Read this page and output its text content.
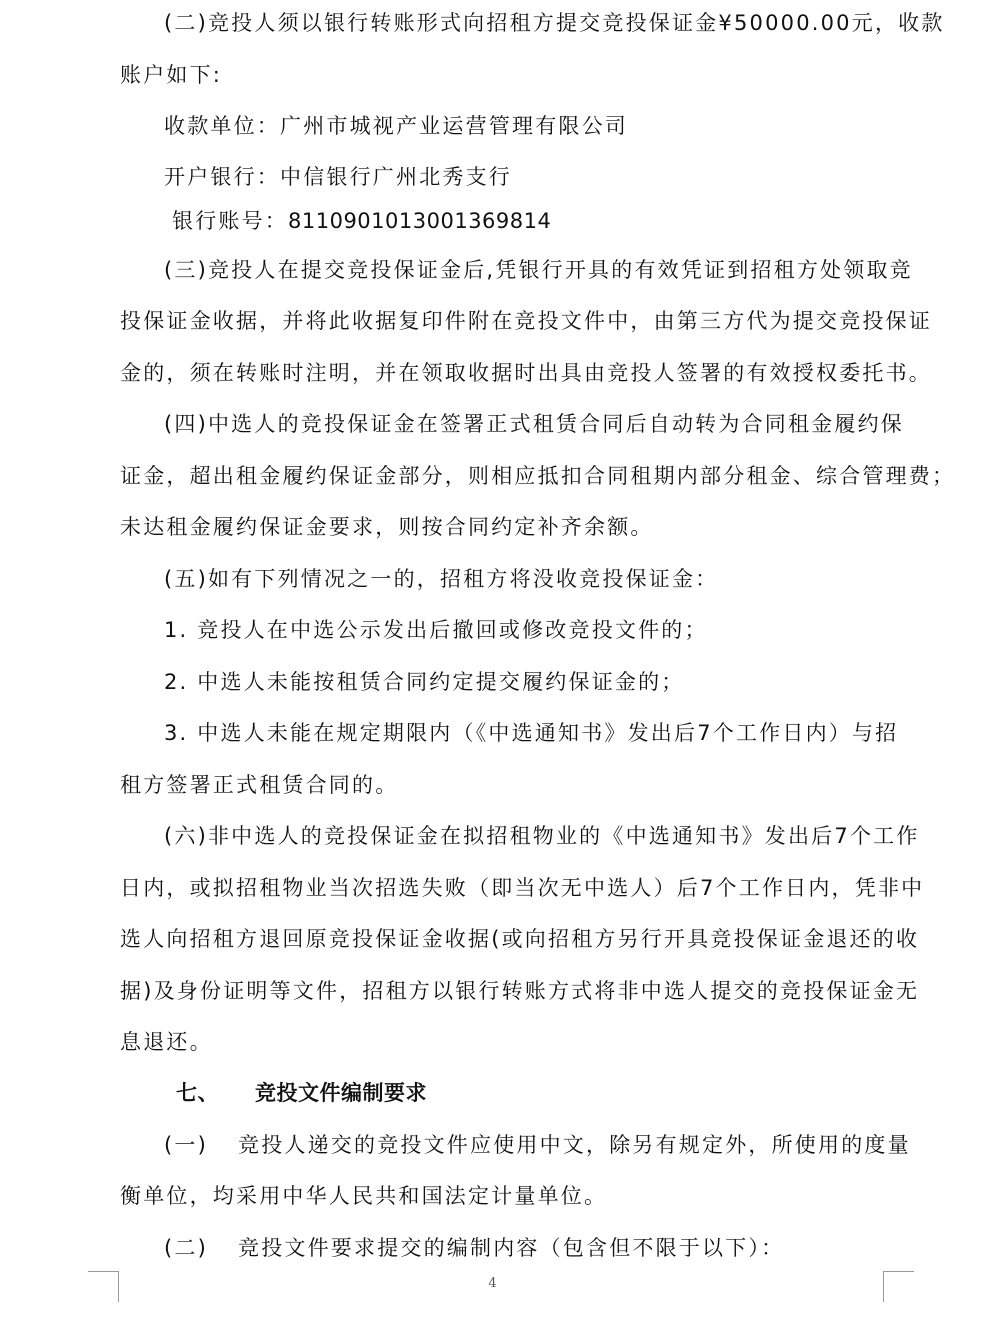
(二)竞投人须以银行转账形式向招租方提交竞投保证金¥50000.00元，收款
账户如下:
收款单位：广州市城视产业运营管理有限公司
开户银行：中信银行广州北秀支行
银行账号：8110901013001369814
(三)竞投人在提交竞投保证金后,凭银行开具的有效凭证到招租方处领取竞
投保证金收据，并将此收据复印件附在竞投文件中，由第三方代为提交竞投保证
金的，须在转账时注明，并在领取收据时出具由竞投人签署的有效授权委托书。
(四)中选人的竞投保证金在签署正式租赁合同后自动转为合同租金履约保
证金，超出租金履约保证金部分，则相应抵扣合同租期内部分租金、综合管理费；
未达租金履约保证金要求，则按合同约定补齐余额。
(五)如有下列情况之一的，招租方将没收竞投保证金：
1. 竞投人在中选公示发出后撤回或修改竞投文件的；
2. 中选人未能按租赁合同约定提交履约保证金的；
3. 中选人未能在规定期限内（《中选通知书》发出后7个工作日内）与招
租方签署正式租赁合同的。
(六)非中选人的竞投保证金在拟招租物业的《中选通知书》发出后7个工作
日内，或拟招租物业当次招选失败（即当次无中选人）后7个工作日内，凭非中
选人向招租方退回原竞投保证金收据(或向招租方另行开具竞投保证金退还的收
据)及身份证明等文件，招租方以银行转账方式将非中选人提交的竞投保证金无
息退还。
七、 竞投文件编制要求
(一) 竞投人递交的竞投文件应使用中文，除另有规定外，所使用的度量
衡单位，均采用中华人民共和国法定计量单位。
(二) 竞投文件要求提交的编制内容（包含但不限于以下）：
4
